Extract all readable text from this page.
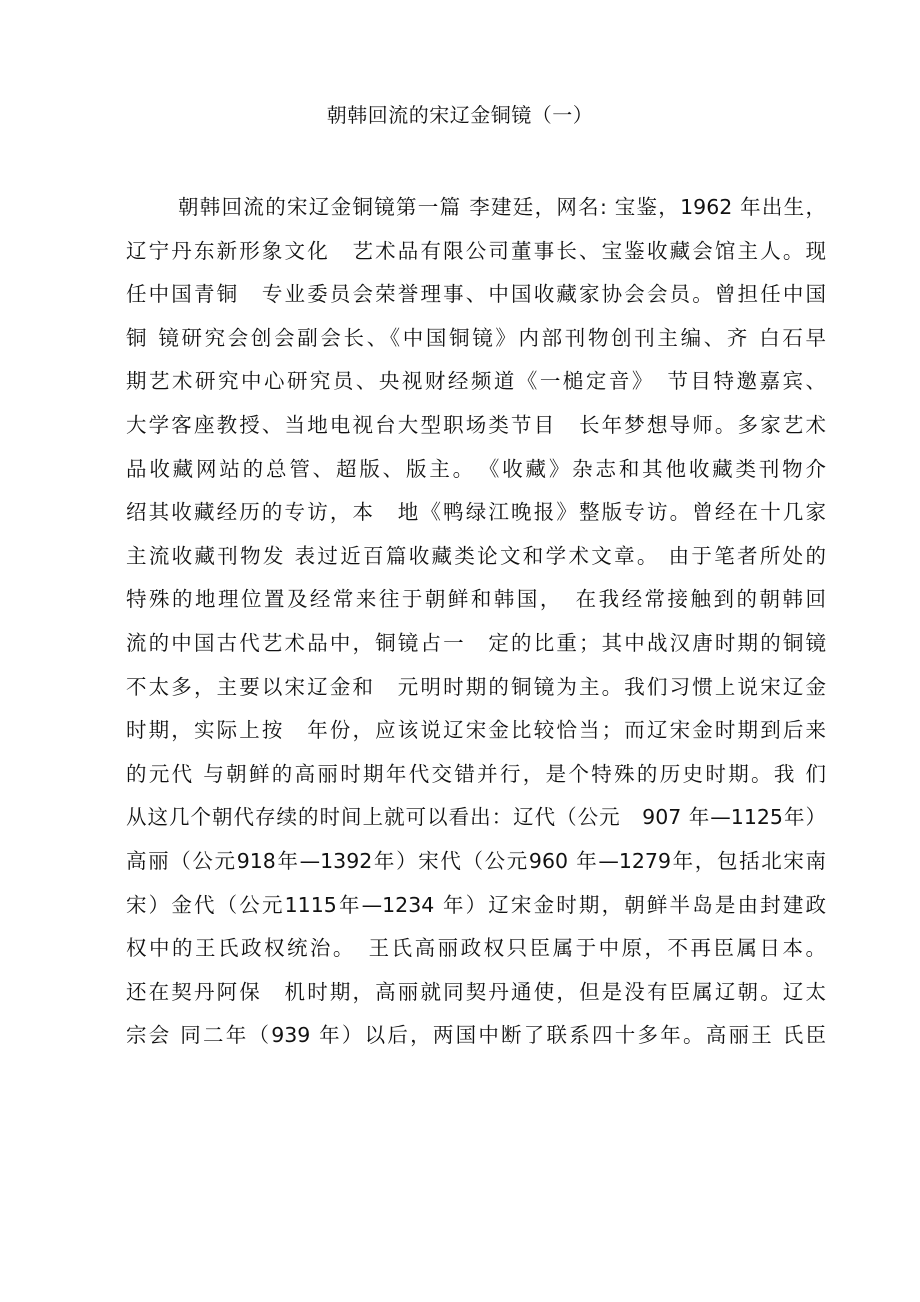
朝韩回流的宋辽金铜镜（一）
朝韩回流的宋辽金铜镜第一篇 李建廷，网名: 宝鉴，1962 年出生，
辽宁丹东新形象文化　艺术品有限公司董事长、宝鉴收藏会馆主人。现
任中国青铜　专业委员会荣誉理事、中国收藏家协会会员。曾担任中国
铜 镜研究会创会副会长、《中国铜镜》内部刊物创刊主编、齐 白石早
期艺术研究中心研究员、央视财经频道《一槌定音》　节目特邀嘉宾、
大学客座教授、当地电视台大型职场类节目　长年梦想导师。多家艺术
品收藏网站的总管、超版、版主。　《收藏》杂志和其他收藏类刊物介
绍其收藏经历的专访，本　地《鸭绿江晚报》整版专访。曾经在十几家
主流收藏刊物发 表过近百篇收藏类论文和学术文章。 由于笔者所处的
特殊的地理位置及经常来往于朝鲜和韩国，　在我经常接触到的朝韩回
流的中国古代艺术品中，铜镜占一　定的比重；其中战汉唐时期的铜镜
不太多，主要以宋辽金和　元明时期的铜镜为主。我们习惯上说宋辽金
时期，实际上按　年份，应该说辽宋金比较恰当；而辽宋金时期到后来
的元代 与朝鲜的高丽时期年代交错并行，是个特殊的历史时期。我 们
从这几个朝代存续的时间上就可以看出：辽代（公元　907 年—1125年）
高丽（公元918年—1392年）宋代（公元960 年—1279年，包括北宋南
宋）金代（公元1115年—1234 年）辽宋金时期，朝鲜半岛是由封建政
权中的王氏政权统治。　王氏高丽政权只臣属于中原，不再臣属日本。
还在契丹阿保　机时期，高丽就同契丹通使，但是没有臣属辽朝。辽太
宗会 同二年（939 年）以后，两国中断了联系四十多年。高丽王 氏臣
